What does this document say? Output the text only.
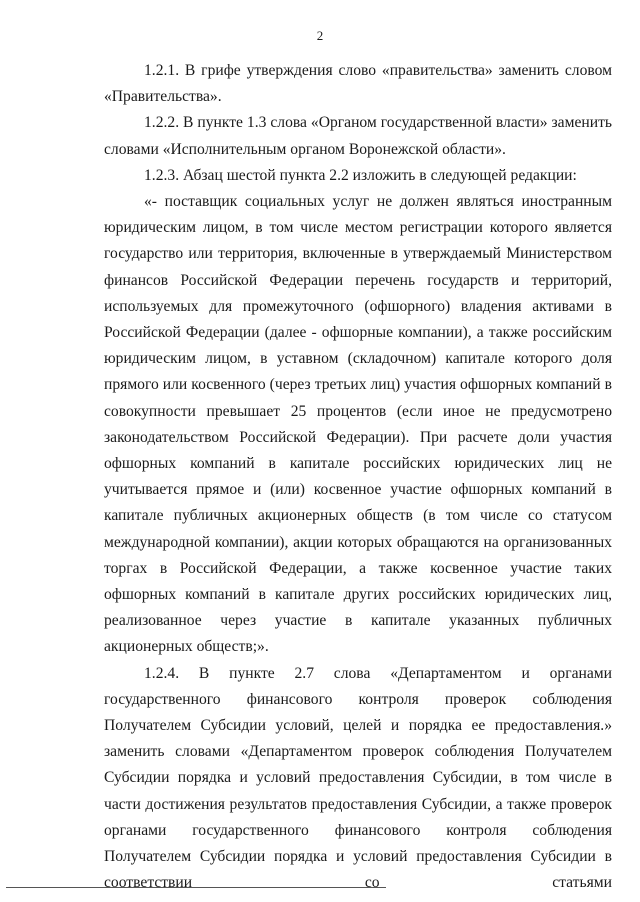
2

1.2.1. В грифе утверждения слово «правительства» заменить словом «Правительства».

1.2.2. В пункте 1.3 слова «Органом государственной власти» заменить словами «Исполнительным органом Воронежской области».

1.2.3. Абзац шестой пункта 2.2 изложить в следующей редакции:

«- поставщик социальных услуг не должен являться иностранным юридическим лицом, в том числе местом регистрации которого является государство или территория, включенные в утверждаемый Министерством финансов Российской Федерации перечень государств и территорий, используемых для промежуточного (офшорного) владения активами в Российской Федерации (далее - офшорные компании), а также российским юридическим лицом, в уставном (складочном) капитале которого доля прямого или косвенного (через третьих лиц) участия офшорных компаний в совокупности превышает 25 процентов (если иное не предусмотрено законодательством Российской Федерации). При расчете доли участия офшорных компаний в капитале российских юридических лиц не учитывается прямое и (или) косвенное участие офшорных компаний в капитале публичных акционерных обществ (в том числе со статусом международной компании), акции которых обращаются на организованных торгах в Российской Федерации, а также косвенное участие таких офшорных компаний в капитале других российских юридических лиц, реализованное через участие в капитале указанных публичных акционерных обществ;».

1.2.4. В пункте 2.7 слова «Департаментом и органами государственного финансового контроля проверок соблюдения Получателем Субсидии условий, целей и порядка ее предоставления.» заменить словами «Департаментом проверок соблюдения Получателем Субсидии порядка и условий предоставления Субсидии, в том числе в части достижения результатов предоставления Субсидии, а также проверок органами государственного финансового контроля соблюдения Получателем Субсидии порядка и условий предоставления Субсидии в соответствии со статьями
